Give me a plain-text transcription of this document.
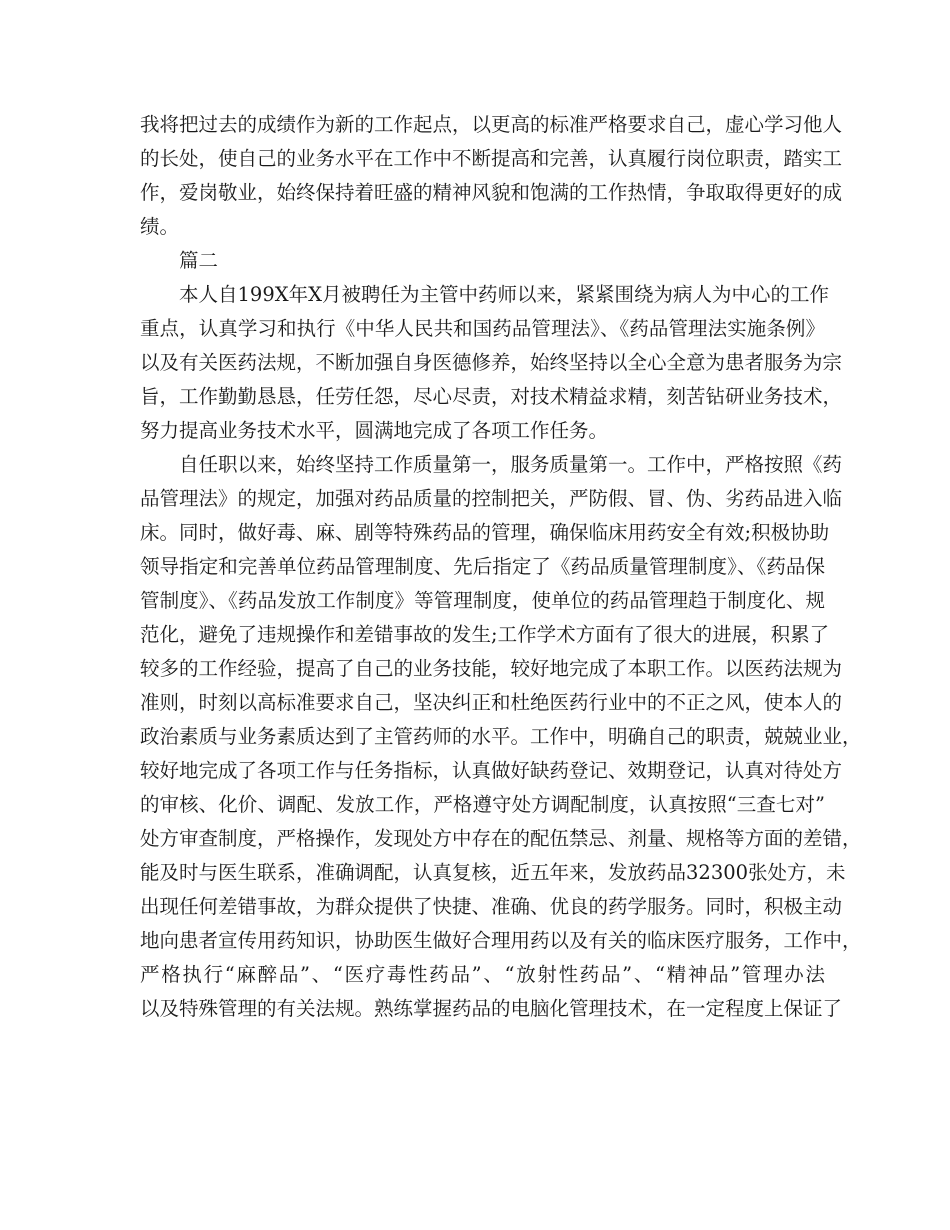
我将把过去的成绩作为新的工作起点，以更高的标准严格要求自己，虚心学习他人
的长处，使自己的业务水平在工作中不断提高和完善，认真履行岗位职责，踏实工
作，爱岗敬业，始终保持着旺盛的精神风貌和饱满的工作热情，争取取得更好的成
绩。
篇二
本人自199X年X月被聘任为主管中药师以来，紧紧围绕为病人为中心的工作
重点，认真学习和执行《中华人民共和国药品管理法》、《药品管理法实施条例》
以及有关医药法规，不断加强自身医德修养，始终坚持以全心全意为患者服务为宗
旨，工作勤勤恳恳，任劳任怨，尽心尽责，对技术精益求精，刻苦钻研业务技术，
努力提高业务技术水平，圆满地完成了各项工作任务。
自任职以来，始终坚持工作质量第一，服务质量第一。工作中，严格按照《药
品管理法》的规定，加强对药品质量的控制把关，严防假、冒、伪、劣药品进入临
床。同时，做好毒、麻、剧等特殊药品的管理，确保临床用药安全有效;积极协助
领导指定和完善单位药品管理制度、先后指定了《药品质量管理制度》、《药品保
管制度》、《药品发放工作制度》等管理制度，使单位的药品管理趋于制度化、规
范化，避免了违规操作和差错事故的发生;工作学术方面有了很大的进展，积累了
较多的工作经验，提高了自己的业务技能，较好地完成了本职工作。以医药法规为
准则，时刻以高标准要求自己，坚决纠正和杜绝医药行业中的不正之风，使本人的
政治素质与业务素质达到了主管药师的水平。工作中，明确自己的职责，兢兢业业，
较好地完成了各项工作与任务指标，认真做好缺药登记、效期登记，认真对待处方
的审核、化价、调配、发放工作，严格遵守处方调配制度，认真按照“三查七对”
处方审查制度，严格操作，发现处方中存在的配伍禁忌、剂量、规格等方面的差错，
能及时与医生联系，准确调配，认真复核，近五年来，发放药品32300张处方，未
出现任何差错事故，为群众提供了快捷、准确、优良的药学服务。同时，积极主动
地向患者宣传用药知识，协助医生做好合理用药以及有关的临床医疗服务，工作中，
严格执行“麻醉品”、“医疗毒性药品”、“放射性药品”、“精神品”管理办法
以及特殊管理的有关法规。熟练掌握药品的电脑化管理技术，在一定程度上保证了
